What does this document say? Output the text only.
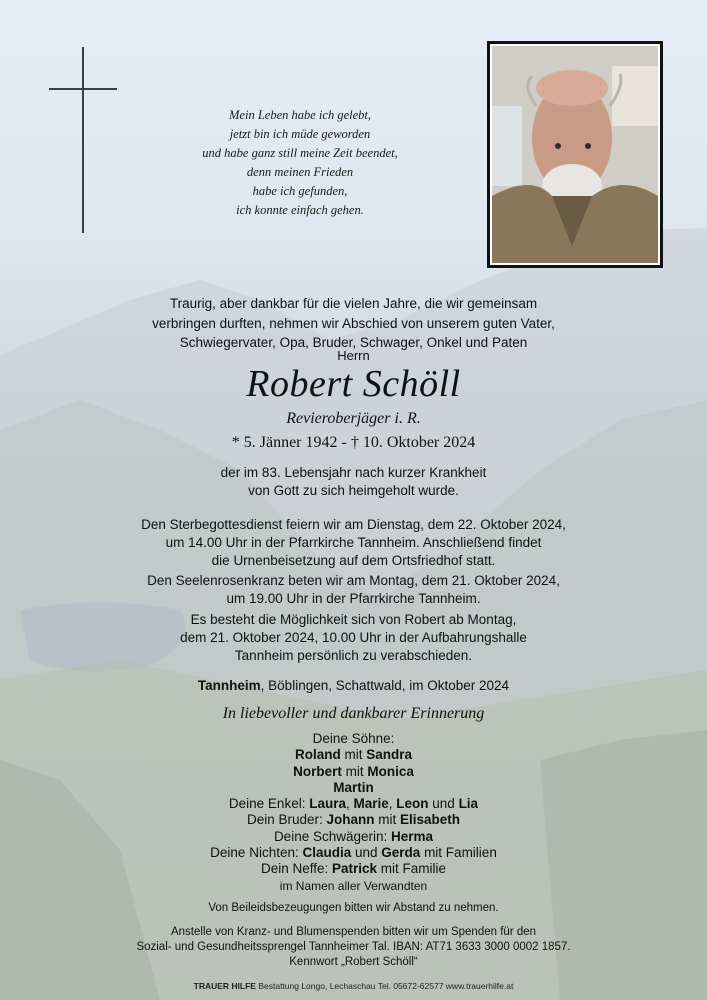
Mein Leben habe ich gelebt,
jetzt bin ich müde geworden
und habe ganz still meine Zeit beendet,
denn meinen Frieden
habe ich gefunden,
ich konnte einfach gehen.
Traurig, aber dankbar für die vielen Jahre, die wir gemeinsam
verbringen durften, nehmen wir Abschied von unserem guten Vater,
Schwiegervater, Opa, Bruder, Schwager, Onkel und Paten
Herrn
Robert Schöll
Revieroberjäger i. R.
* 5. Jänner 1942 - † 10. Oktober 2024
der im 83. Lebensjahr nach kurzer Krankheit
von Gott zu sich heimgeholt wurde.
Den Sterbegottesdienst feiern wir am Dienstag, dem 22. Oktober 2024,
um 14.00 Uhr in der Pfarrkirche Tannheim. Anschließend findet
die Urnenbeisetzung auf dem Ortsfriedhof statt.
Den Seelenrosenkranz beten wir am Montag, dem 21. Oktober 2024,
um 19.00 Uhr in der Pfarrkirche Tannheim.
Es besteht die Möglichkeit sich von Robert ab Montag,
dem 21. Oktober 2024, 10.00 Uhr in der Aufbahrungshalle
Tannheim persönlich zu verabschieden.
Tannheim, Böblingen, Schattwald, im Oktober 2024
In liebevoller und dankbarer Erinnerung
Deine Söhne:
Roland mit Sandra
Norbert mit Monica
Martin
Deine Enkel: Laura, Marie, Leon und Lia
Dein Bruder: Johann mit Elisabeth
Deine Schwägerin: Herma
Deine Nichten: Claudia und Gerda mit Familien
Dein Neffe: Patrick mit Familie
im Namen aller Verwandten
Von Beileidsbezeugungen bitten wir Abstand zu nehmen.
Anstelle von Kranz- und Blumenspenden bitten wir um Spenden für den
Sozial- und Gesundheitssprengel Tannheimer Tal. IBAN: AT71 3633 3000 0002 1857.
Kennwort „Robert Schöll“
TRAUER HILFE Bestattung Longo, Lechaschau Tel. 05672-62577 www.trauerhilfe.at
